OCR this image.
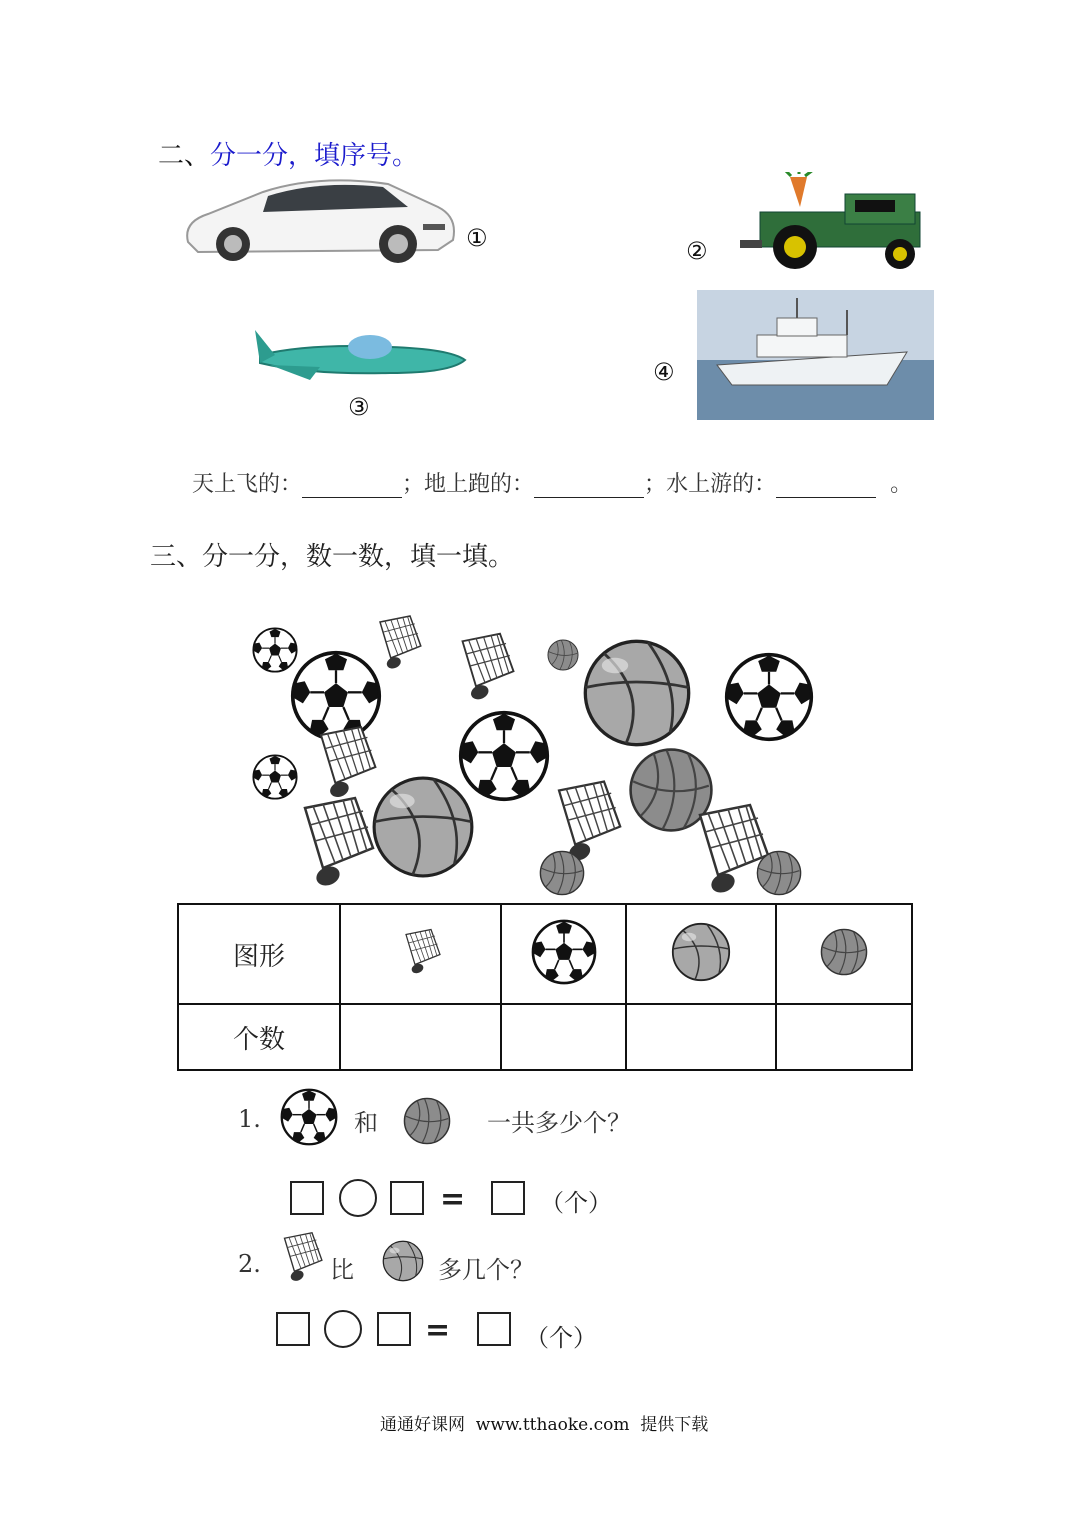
二、分一分，填序号。
①	②
③
④
天上飞的：	；地上跑的：	；水上游的：	。
三、分一分，数一数，填一填。
图形				
个数				
1.	和	一共多少个？
=	（个）
2.	比	多几个？
=	（个）
通通好课网  www.tthaoke.com  提供下载
